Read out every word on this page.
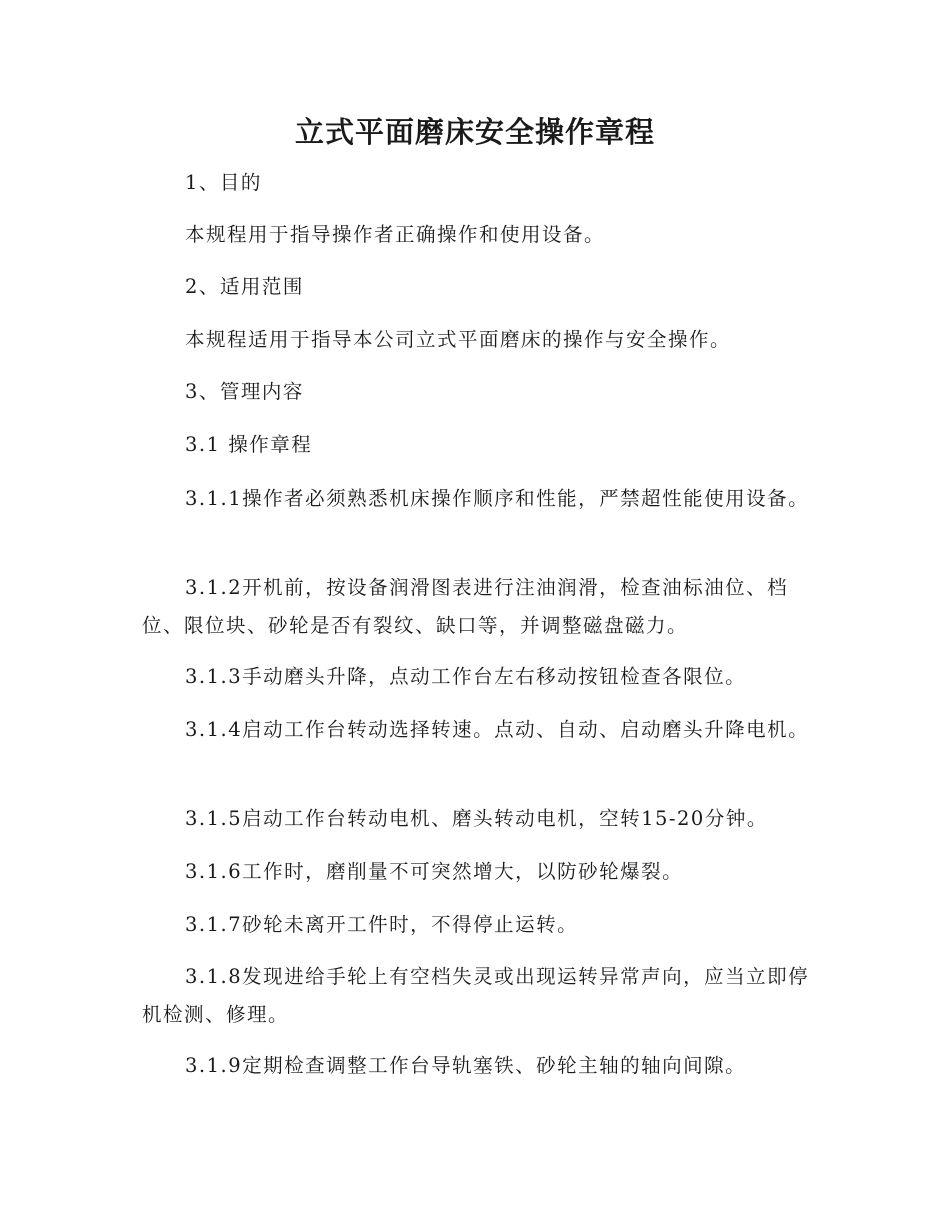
立式平面磨床安全操作章程

1、目的

本规程用于指导操作者正确操作和使用设备。

2、适用范围

本规程适用于指导本公司立式平面磨床的操作与安全操作。

3、管理内容

3.1 操作章程

3.1.1操作者必须熟悉机床操作顺序和性能，严禁超性能使用设备。

3.1.2开机前，按设备润滑图表进行注油润滑，检查油标油位、档位、限位块、砂轮是否有裂纹、缺口等，并调整磁盘磁力。

3.1.3手动磨头升降，点动工作台左右移动按钮检查各限位。

3.1.4启动工作台转动选择转速。点动、自动、启动磨头升降电机。

3.1.5启动工作台转动电机、磨头转动电机，空转15-20分钟。

3.1.6工作时，磨削量不可突然增大，以防砂轮爆裂。

3.1.7砂轮未离开工件时，不得停止运转。

3.1.8发现进给手轮上有空档失灵或出现运转异常声向，应当立即停机检测、修理。

3.1.9定期检查调整工作台导轨塞铁、砂轮主轴的轴向间隙。
